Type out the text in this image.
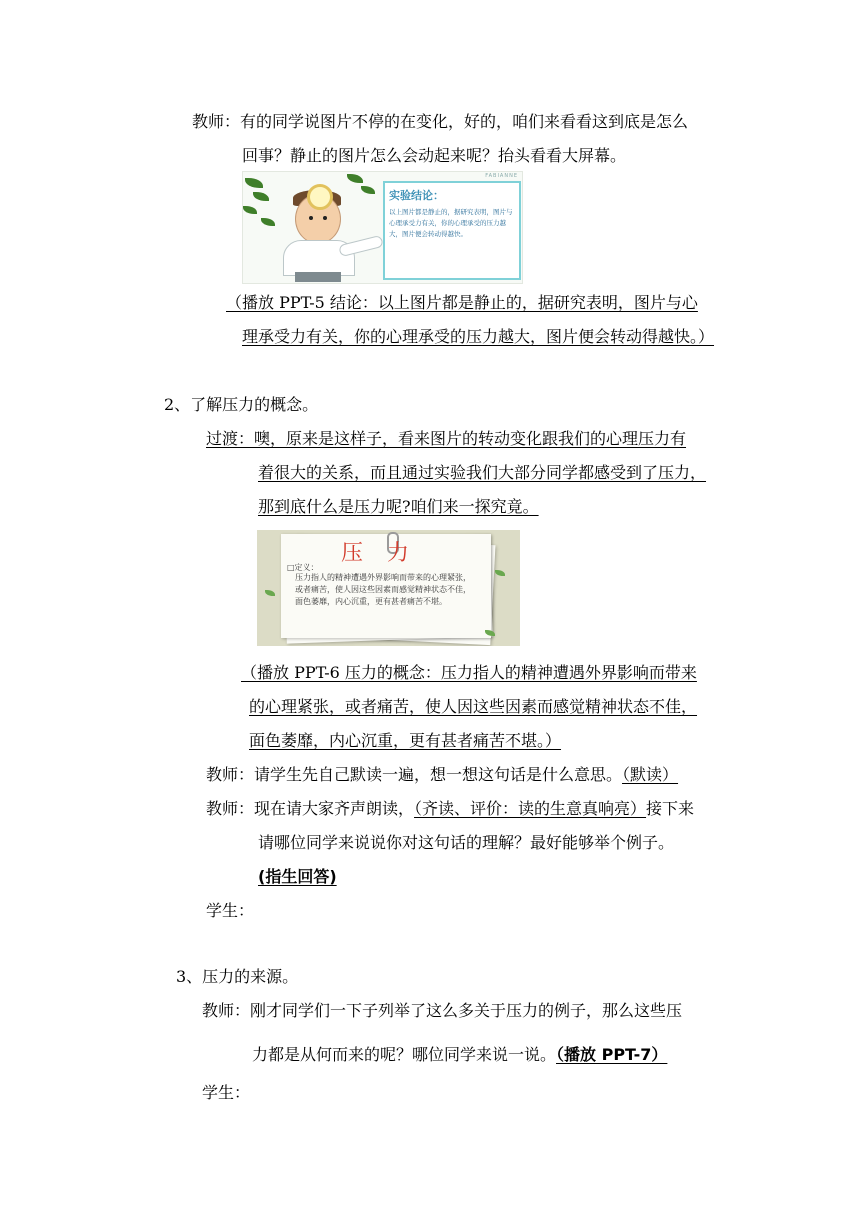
教师：有的同学说图片不停的在变化，好的，咱们来看看这到底是怎么
回事？静止的图片怎么会动起来呢？抬头看看大屏幕。
FABIANNE
实验结论：
以上图片都是静止的，据研究表明，图片与心理承受力有关，你的心理承受的压力越大，图片便会转动得越快。
（播放 PPT-5 结论：以上图片都是静止的，据研究表明，图片与心
理承受力有关，你的心理承受的压力越大，图片便会转动得越快。）
2、了解压力的概念。
过渡：噢，原来是这样子，看来图片的转动变化跟我们的心理压力有
着很大的关系，而且通过实验我们大部分同学都感受到了压力，
那到底什么是压力呢?咱们来一探究竟。
压力
□定义：
压力指人的精神遭遇外界影响而带来的心理紧张，或者痛苦，使人因这些因素而感觉精神状态不佳，面色萎靡，内心沉重，更有甚者痛苦不堪。
（播放 PPT-6 压力的概念：压力指人的精神遭遇外界影响而带来
的心理紧张，或者痛苦，使人因这些因素而感觉精神状态不佳，
面色萎靡，内心沉重，更有甚者痛苦不堪。）
教师：请学生先自己默读一遍，想一想这句话是什么意思。（默读）
教师：现在请大家齐声朗读，（齐读、评价：读的生意真响亮）接下来
请哪位同学来说说你对这句话的理解？最好能够举个例子。
(指生回答)
学生：
3、压力的来源。
教师：刚才同学们一下子列举了这么多关于压力的例子，那么这些压
力都是从何而来的呢？哪位同学来说一说。（播放 PPT-7）
学生：
